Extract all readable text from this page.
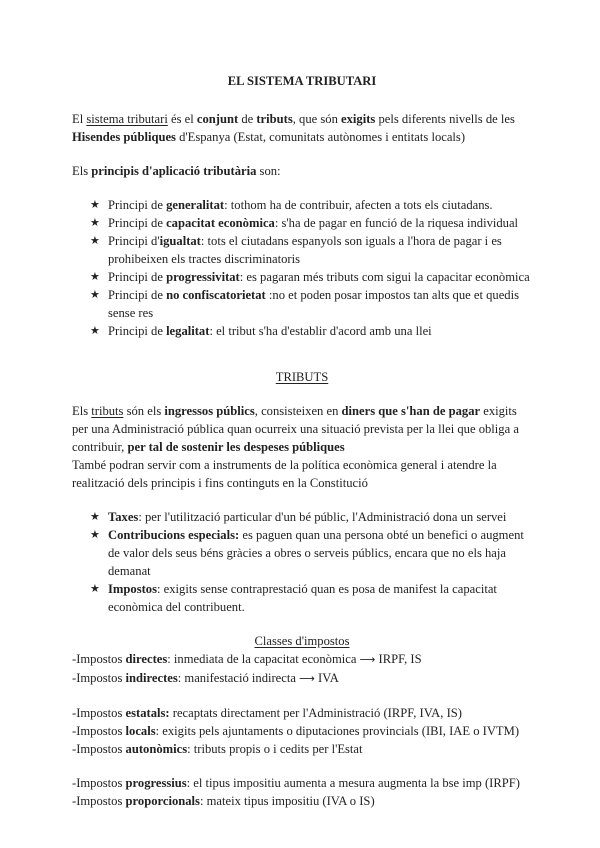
EL SISTEMA TRIBUTARI

El sistema tributari és el conjunt de tributs, que són exigits pels diferents nivells de les Hisendes públiques d'Espanya (Estat, comunitats autònomes i entitats locals)

Els principis d'aplicació tributària son:

★ Principi de generalitat: tothom ha de contribuir, afecten a tots els ciutadans.
★ Principi de capacitat econòmica: s'ha de pagar en funció de la riquesa individual
★ Principi d'igualtat: tots el ciutadans espanyols son iguals a l'hora de pagar i es prohibeixen els tractes discriminatoris
★ Principi de progressivitat: es pagaran més tributs com sigui la capacitar econòmica
★ Principi de no confiscatorietat :no et poden posar impostos tan alts que et quedis sense res
★ Principi de legalitat: el tribut s'ha d'establir d'acord amb una llei

TRIBUTS

Els tributs són els ingressos públics, consisteixen en diners que s'han de pagar exigits per una Administració pública quan ocurreix una situació prevista per la llei que obliga a contribuir, per tal de sostenir les despeses públiques

També podran servir com a instruments de la política econòmica general i atendre la realització dels principis i fins continguts en la Constitució

★ Taxes: per l'utilització particular d'un bé públic, l'Administració dona un servei
★ Contribucions especials: es paguen quan una persona obté un benefici o augment de valor dels seus béns gràcies a obres o serveis públics, encara que no els haja demanat
★ Impostos: exigits sense contraprestació quan es posa de manifest la capacitat econòmica del contribuent.

Classes d'impostos

-Impostos directes: inmediata de la capacitat econòmica ⟶ IRPF, IS

-Impostos indirectes: manifestació indirecta ⟶ IVA

-Impostos estatals: recaptats directament per l'Administració (IRPF, IVA, IS)

-Impostos locals: exigits pels ajuntaments o diputaciones provincials (IBI, IAE o IVTM)

-Impostos autonòmics: tributs propis o i cedits per l'Estat

-Impostos progressius: el tipus impositiu aumenta a mesura augmenta la bse imp (IRPF)

-Impostos proporcionals: mateix tipus impositiu (IVA o IS)
